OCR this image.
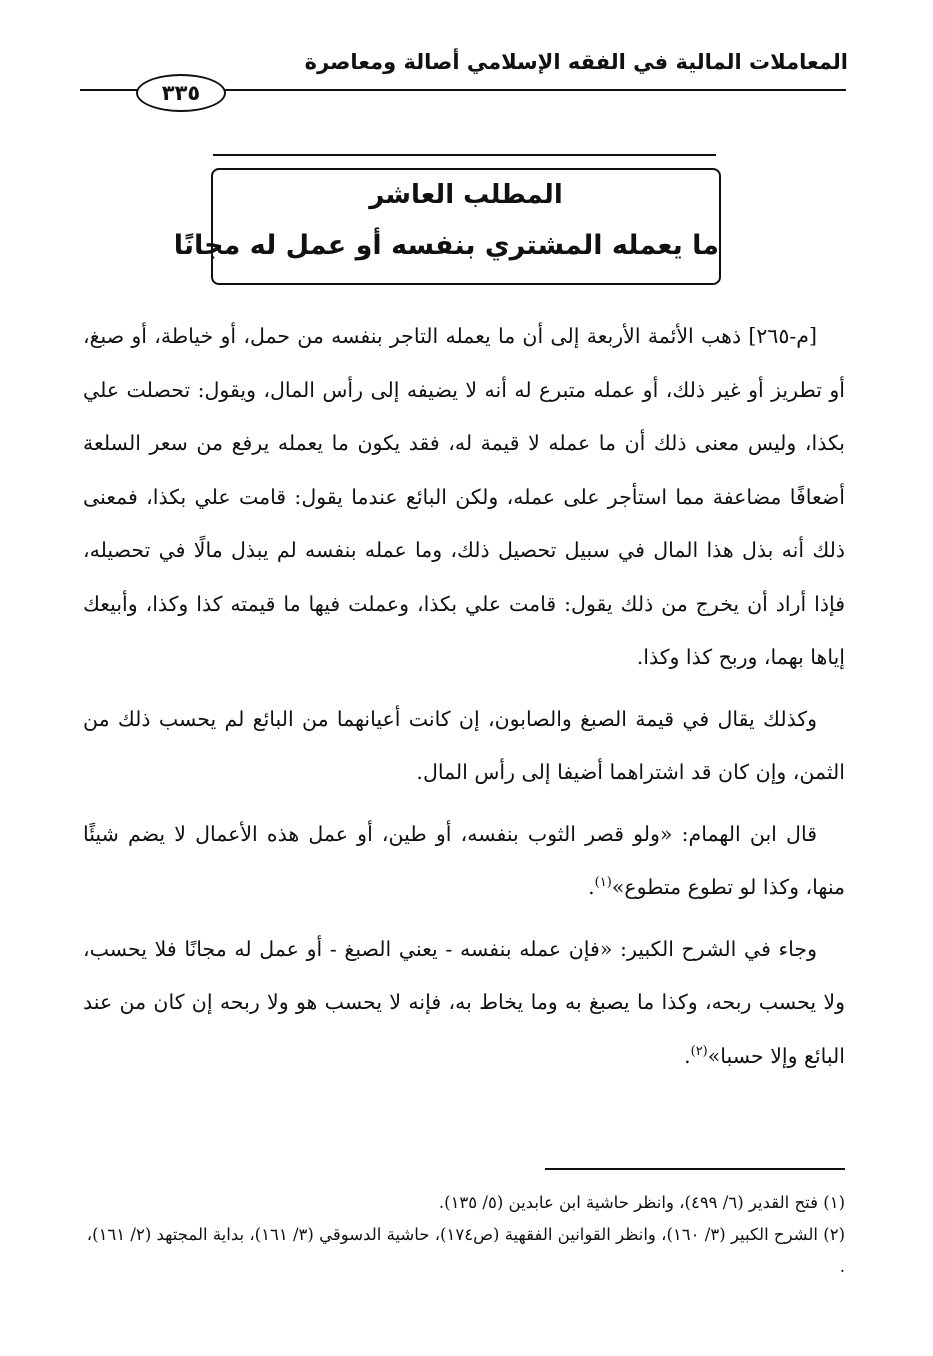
المعاملات المالية في الفقه الإسلامي أصالة ومعاصرة
٣٣٥
المطلب العاشر
ما يعمله المشتري بنفسه أو عمل له مجانًا

[م-٢٦٥] ذهب الأئمة الأربعة إلى أن ما يعمله التاجر بنفسه من حمل، أو خياطة، أو صبغ، أو تطريز أو غير ذلك، أو عمله متبرع له أنه لا يضيفه إلى رأس المال، ويقول: تحصلت علي بكذا، وليس معنى ذلك أن ما عمله لا قيمة له، فقد يكون ما يعمله يرفع من سعر السلعة أضعافًا مضاعفة مما استأجر على عمله، ولكن البائع عندما يقول: قامت علي بكذا، فمعنى ذلك أنه بذل هذا المال في سبيل تحصيل ذلك، وما عمله بنفسه لم يبذل مالًا في تحصيله، فإذا أراد أن يخرج من ذلك يقول: قامت علي بكذا، وعملت فيها ما قيمته كذا وكذا، وأبيعك إياها بهما، وربح كذا وكذا.

وكذلك يقال في قيمة الصبغ والصابون، إن كانت أعيانهما من البائع لم يحسب ذلك من الثمن، وإن كان قد اشتراهما أضيفا إلى رأس المال.

قال ابن الهمام: «ولو قصر الثوب بنفسه، أو طين، أو عمل هذه الأعمال لا يضم شيئًا منها، وكذا لو تطوع متطوع»$^{(١)}$.

وجاء في الشرح الكبير: «فإن عمله بنفسه - يعني الصبغ - أو عمل له مجانًا فلا يحسب، ولا يحسب ربحه، وكذا ما يصبغ به وما يخاط به، فإنه لا يحسب هو ولا ربحه إن كان من عند البائع وإلا حسبا»$^{(٢)}$.

(١) فتح القدير (٦/ ٤٩٩)، وانظر حاشية ابن عابدين (٥/ ١٣٥).

(٢) الشرح الكبير (٣/ ١٦٠)، وانظر القوانين الفقهية (ص١٧٤)، حاشية الدسوقي (٣/ ١٦١)، بداية المجتهد (٢/ ١٦١)، .
